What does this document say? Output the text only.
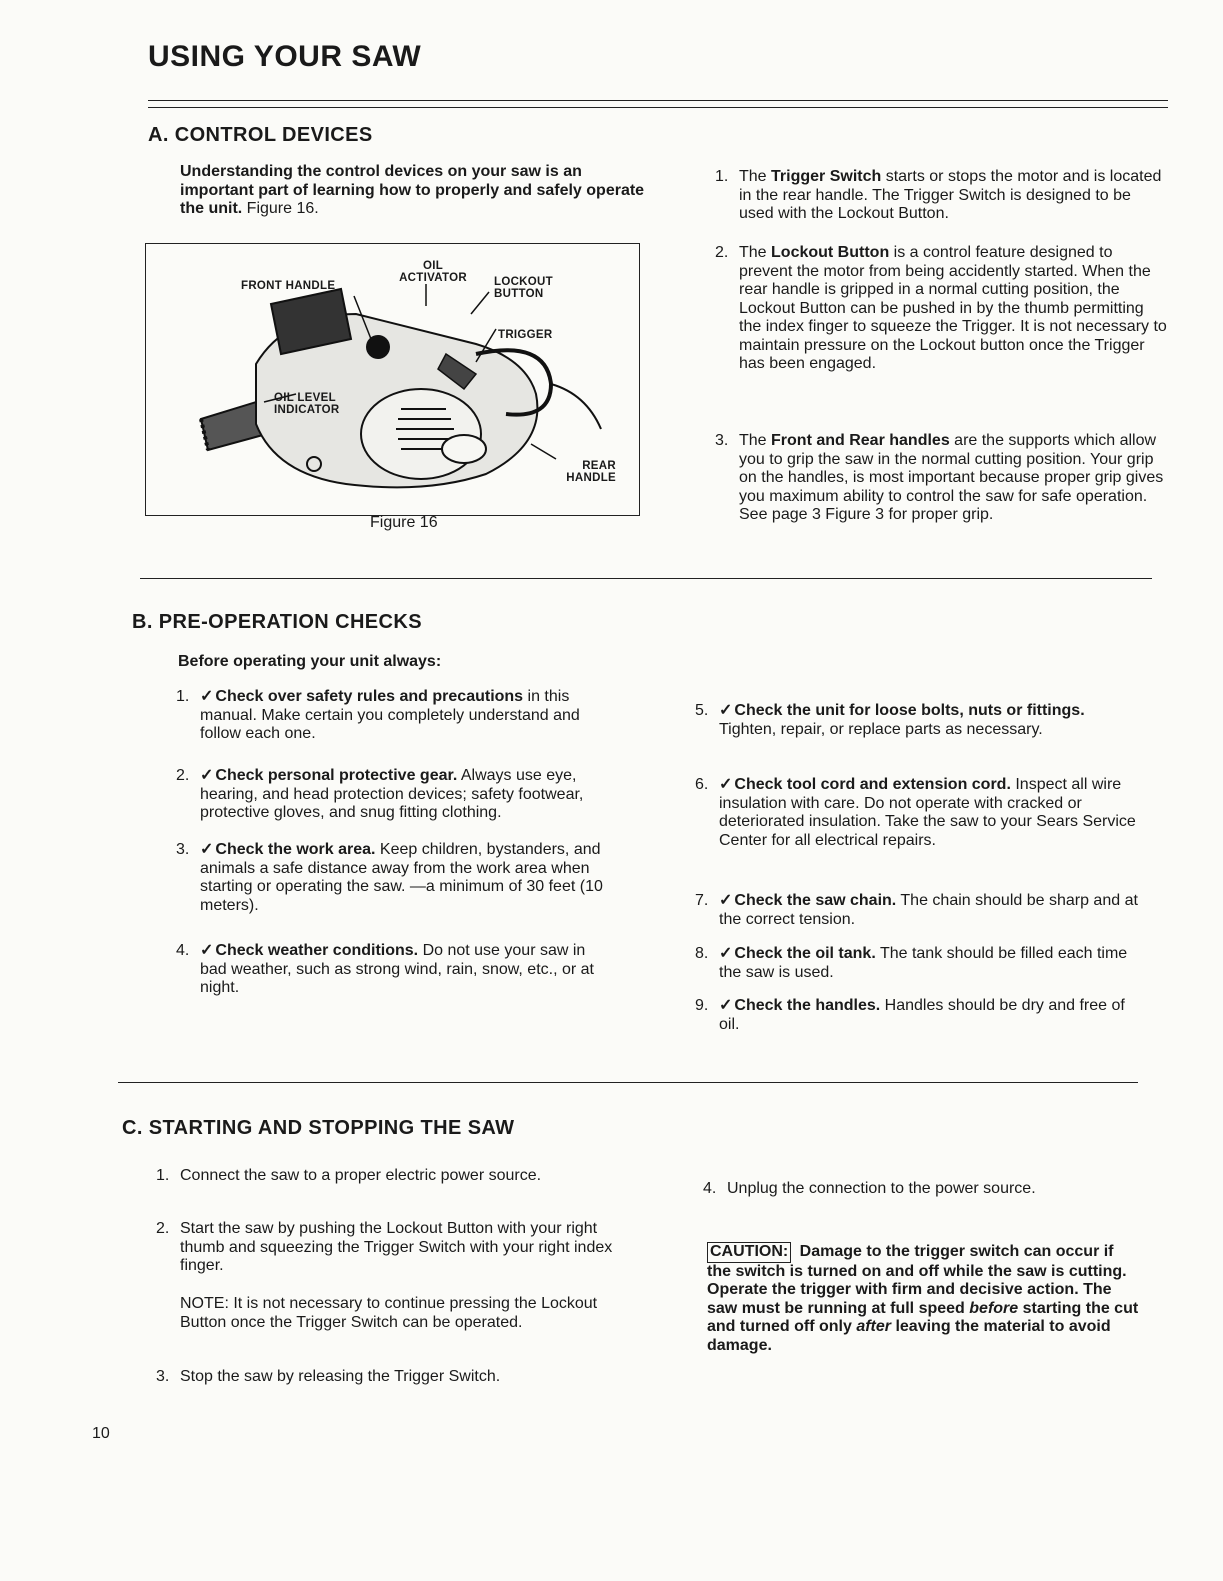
USING YOUR SAW
A. CONTROL DEVICES
Understanding the control devices on your saw is an important part of learning how to properly and safely operate the unit. Figure 16.
FRONT HANDLE
OIL ACTIVATOR LOCKOUT BUTTON
TRIGGER
OIL LEVEL INDICATOR
REAR HANDLE
Figure 16
1. The Trigger Switch starts or stops the motor and is located in the rear handle. The Trigger Switch is designed to be used with the Lockout Button.
2. The Lockout Button is a control feature designed to prevent the motor from being accidently started. When the rear handle is gripped in a normal cutting position, the Lockout Button can be pushed in by the thumb permitting the index finger to squeeze the Trigger. It is not necessary to maintain pressure on the Lockout button once the Trigger has been engaged.
3. The Front and Rear handles are the supports which allow you to grip the saw in the normal cutting position. Your grip on the handles, is most important because proper grip gives you maximum ability to control the saw for safe operation. See page 3 Figure 3 for proper grip.
B. PRE-OPERATION CHECKS
Before operating your unit always:
1. ✓ Check over safety rules and precautions in this manual. Make certain you completely understand and follow each one.
2. ✓ Check personal protective gear. Always use eye, hearing, and head protection devices; safety footwear, protective gloves, and snug fitting clothing.
3. ✓ Check the work area. Keep children, bystanders, and animals a safe distance away from the work area when starting or operating the saw. —a minimum of 30 feet (10 meters).
4. ✓ Check weather conditions. Do not use your saw in bad weather, such as strong wind, rain, snow, etc., or at night.
5. ✓ Check the unit for loose bolts, nuts or fittings. Tighten, repair, or replace parts as necessary.
6. ✓ Check tool cord and extension cord. Inspect all wire insulation with care. Do not operate with cracked or deteriorated insulation. Take the saw to your Sears Service Center for all electrical repairs.
7. ✓ Check the saw chain. The chain should be sharp and at the correct tension.
8. ✓ Check the oil tank. The tank should be filled each time the saw is used.
9. ✓ Check the handles. Handles should be dry and free of oil.
C. STARTING AND STOPPING THE SAW
1. Connect the saw to a proper electric power source.
2. Start the saw by pushing the Lockout Button with your right thumb and squeezing the Trigger Switch with your right index finger.
NOTE: It is not necessary to continue pressing the Lockout Button once the Trigger Switch can be operated.
3. Stop the saw by releasing the Trigger Switch.
4. Unplug the connection to the power source.
CAUTION: Damage to the trigger switch can occur if the switch is turned on and off while the saw is cutting. Operate the trigger with firm and decisive action. The saw must be running at full speed before starting the cut and turned off only after leaving the material to avoid damage.
10
